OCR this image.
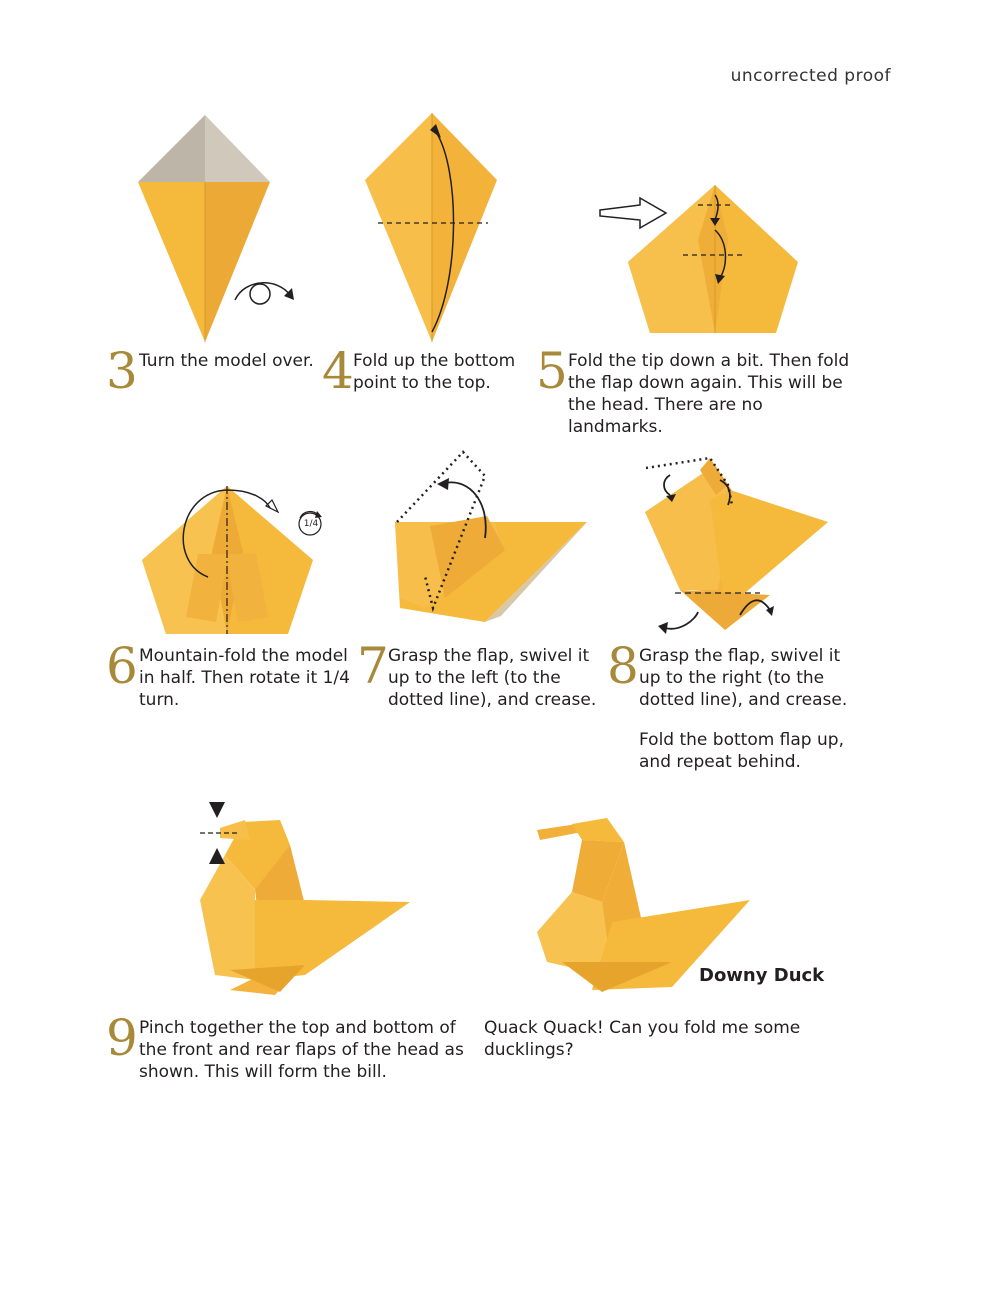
uncorrected proof
3 Turn the model over. 4 Fold up the bottom point to the top. 5 Fold the tip down a bit. Then fold the flap down again. This will be the head. There are no landmarks.
1/4
6 Mountain-fold the model in half. Then rotate it 1/4 turn.
7 Grasp the flap, swivel it up to the left (to the dotted line), and crease.
8 Grasp the flap, swivel it up to the right (to the dotted line), and crease.
Fold the bottom flap up, and repeat behind.
9 Pinch together the top and bottom of the front and rear flaps of the head as shown. This will form the bill.
Downy Duck
Quack Quack! Can you fold me some ducklings?
